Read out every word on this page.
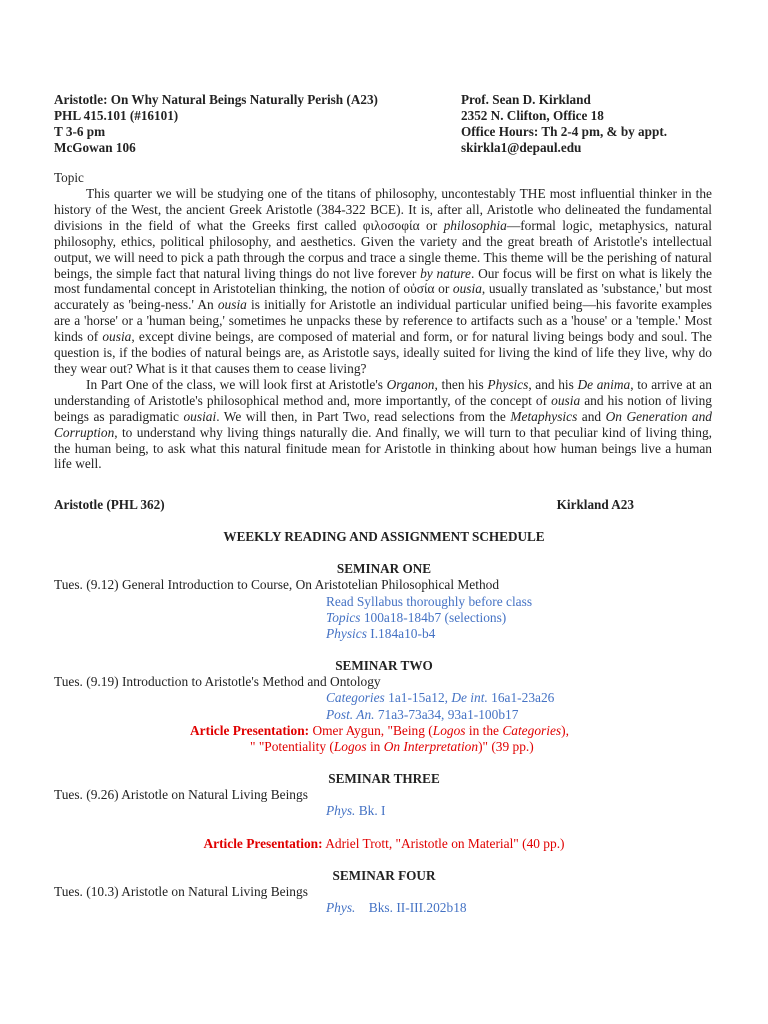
Aristotle: On Why Natural Beings Naturally Perish (A23)
PHL 415.101 (#16101)
T 3-6 pm
McGowan 106
Prof. Sean D. Kirkland
2352 N. Clifton, Office 18
Office Hours: Th 2-4 pm, & by appt.
skirkla1@depaul.edu
Topic

This quarter we will be studying one of the titans of philosophy, uncontestably THE most influential thinker in the history of the West, the ancient Greek Aristotle (384-322 BCE). It is, after all, Aristotle who delineated the fundamental divisions in the field of what the Greeks first called φιλοσοφία or philosophia—formal logic, metaphysics, natural philosophy, ethics, political philosophy, and aesthetics. Given the variety and the great breath of Aristotle's intellectual output, we will need to pick a path through the corpus and trace a single theme. This theme will be the perishing of natural beings, the simple fact that natural living things do not live forever by nature. Our focus will be first on what is likely the most fundamental concept in Aristotelian thinking, the notion of οὐσία or ousia, usually translated as 'substance,' but most accurately as 'being-ness.' An ousia is initially for Aristotle an individual particular unified being—his favorite examples are a 'horse' or a 'human being,' sometimes he unpacks these by reference to artifacts such as a 'house' or a 'temple.' Most kinds of ousia, except divine beings, are composed of material and form, or for natural living beings body and soul. The question is, if the bodies of natural beings are, as Aristotle says, ideally suited for living the kind of life they live, why do they wear out? What is it that causes them to cease living?

In Part One of the class, we will look first at Aristotle's Organon, then his Physics, and his De anima, to arrive at an understanding of Aristotle's philosophical method and, more importantly, of the concept of ousia and his notion of living beings as paradigmatic ousiai. We will then, in Part Two, read selections from the Metaphysics and On Generation and Corruption, to understand why living things naturally die. And finally, we will turn to that peculiar kind of living thing, the human being, to ask what this natural finitude mean for Aristotle in thinking about how human beings live a human life well.

Aristotle (PHL 362)	Kirkland A23
WEEKLY READING AND ASSIGNMENT SCHEDULE
SEMINAR ONE
Tues. (9.12) General Introduction to Course, On Aristotelian Philosophical Method
Read Syllabus thoroughly before class
Topics 100a18-184b7 (selections)
Physics I.184a10-b4
SEMINAR TWO
Tues. (9.19) Introduction to Aristotle's Method and Ontology
Categories 1a1-15a12, De int. 16a1-23a26
Post. An. 71a3-73a34, 93a1-100b17
Article Presentation: Omer Aygun, "Being (Logos in the Categories),
" "Potentiality (Logos in On Interpretation)" (39 pp.)
SEMINAR THREE
Tues. (9.26) Aristotle on Natural Living Beings
Phys. Bk. I
Article Presentation: Adriel Trott, "Aristotle on Material" (40 pp.)
SEMINAR FOUR
Tues. (10.3) Aristotle on Natural Living Beings
Phys.    Bks. II-III.202b18
